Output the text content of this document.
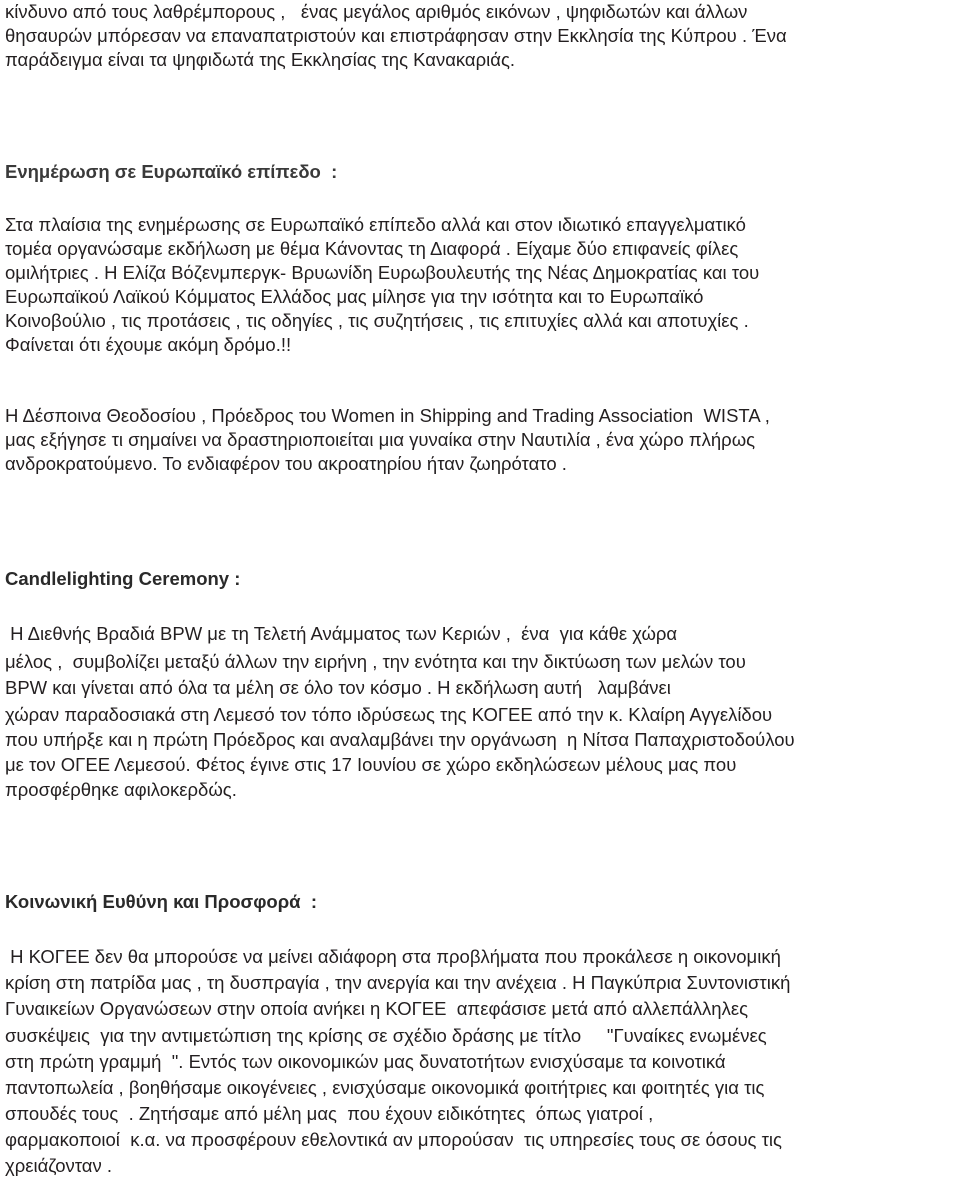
κίνδυνο από τους λαθρέμπορους ,   ένας μεγάλος αριθμός εικόνων , ψηφιδωτών και άλλων
θησαυρών μπόρεσαν να επαναπατριστούν και επιστράφησαν στην Εκκλησία της Κύπρου . Ένα
παράδειγμα είναι τα ψηφιδωτά της Εκκλησίας της Κανακαριάς.
Ενημέρωση σε Ευρωπαϊκό επίπεδο  :
Στα πλαίσια της ενημέρωσης σε Ευρωπαϊκό επίπεδο αλλά και στον ιδιωτικό επαγγελματικό
τομέα οργανώσαμε εκδήλωση με θέμα Κάνοντας τη Διαφορά . Είχαμε δύο επιφανείς φίλες
ομιλήτριες . Η Ελίζα Βόζενμπεργκ- Βρυωνίδη Ευρωβουλευτής της Νέας Δημοκρατίας και του
Ευρωπαϊκού Λαϊκού Κόμματος Ελλάδος μας μίλησε για την ισότητα και το Ευρωπαϊκό
Κοινοβούλιο , τις προτάσεις , τις οδηγίες , τις συζητήσεις , τις επιτυχίες αλλά και αποτυχίες .
Φαίνεται ότι έχουμε ακόμη δρόμο.!!
Η Δέσποινα Θεοδοσίου , Πρόεδρος του Women in Shipping and Trading Association  WISTA ,
μας εξήγησε τι σημαίνει να δραστηριοποιείται μια γυναίκα στην Ναυτιλία , ένα χώρο πλήρως
ανδροκρατούμενο. Το ενδιαφέρον του ακροατηρίου ήταν ζωηρότατο .
Candlelighting Ceremony :
Η Διεθνής Βραδιά BPW με τη Τελετή Ανάμματος των Κεριών ,  ένα  για κάθε χώρα
μέλος ,  συμβολίζει μεταξύ άλλων την ειρήνη , την ενότητα και την δικτύωση των μελών του
BPW και γίνεται από όλα τα μέλη σε όλο τον κόσμο . Η εκδήλωση αυτή   λαμβάνει
χώραν παραδοσιακά στη Λεμεσό τον τόπο ιδρύσεως της ΚΟΓΕΕ από την κ. Κλαίρη Αγγελίδου
που υπήρξε και η πρώτη Πρόεδρος και αναλαμβάνει την οργάνωση  η Νίτσα Παπαχριστοδούλου
με τον ΟΓΕΕ Λεμεσού. Φέτος έγινε στις 17 Ιουνίου σε χώρο εκδηλώσεων μέλους μας που
προσφέρθηκε αφιλοκερδώς.
Κοινωνική Ευθύνη και Προσφορά  :
Η ΚΟΓΕΕ δεν θα μπορούσε να μείνει αδιάφορη στα προβλήματα που προκάλεσε η οικονομική
κρίση στη πατρίδα μας , τη δυσπραγία , την ανεργία και την ανέχεια . Η Παγκύπρια Συντονιστική
Γυναικείων Οργανώσεων στην οποία ανήκει η ΚΟΓΕΕ  απεφάσισε μετά από αλλεπάλληλες
συσκέψεις  για την αντιμετώπιση της κρίσης σε σχέδιο δράσης με τίτλο     "Γυναίκες ενωμένες
στη πρώτη γραμμή  ". Εντός των οικονομικών μας δυνατοτήτων ενισχύσαμε τα κοινοτικά
παντοπωλεία , βοηθήσαμε οικογένειες , ενισχύσαμε οικονομικά φοιτήτριες και φοιτητές για τις
σπουδές τους  . Ζητήσαμε από μέλη μας  που έχουν ειδικότητες  όπως γιατροί ,
φαρμακοποιοί  κ.α. να προσφέρουν εθελοντικά αν μπορούσαν  τις υπηρεσίες τους σε όσους τις
χρειάζονταν .
